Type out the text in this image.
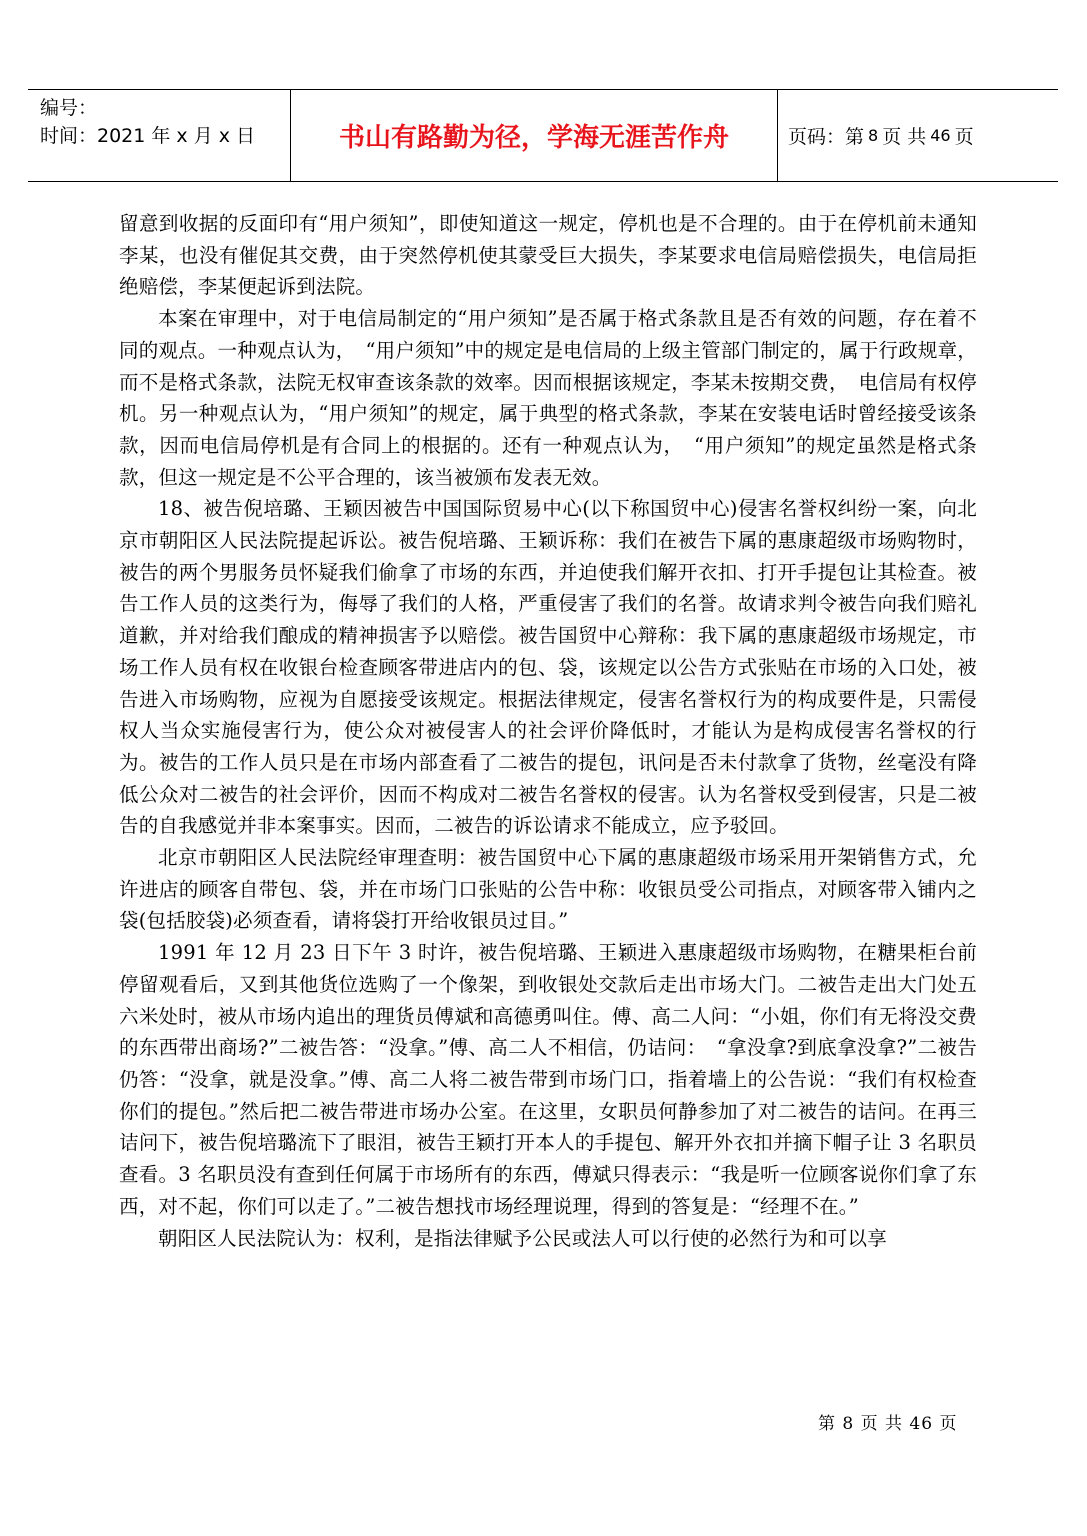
编号：
时间：2021 年 x 月 x 日	书山有路勤为径，学海无涯苦作舟	页码：第 8 页 共 46 页

留意到收据的反面印有“用户须知”，即使知道这一规定，停机也是不合理的。由于在停机前未通知李某，也没有催促其交费，由于突然停机使其蒙受巨大损失，李某要求电信局赔偿损失，电信局拒绝赔偿，李某便起诉到法院。

本案在审理中，对于电信局制定的“用户须知”是否属于格式条款且是否有效的问题，存在着不同的观点。一种观点认为，　“用户须知”中的规定是电信局的上级主管部门制定的，属于行政规章，而不是格式条款，法院无权审查该条款的效率。因而根据该规定，李某未按期交费，　电信局有权停机。另一种观点认为，“用户须知”的规定，属于典型的格式条款，李某在安装电话时曾经接受该条款，因而电信局停机是有合同上的根据的。还有一种观点认为，　“用户须知”的规定虽然是格式条款，但这一规定是不公平合理的，该当被颁布发表无效。

18、被告倪培璐、王颖因被告中国国际贸易中心(以下称国贸中心)侵害名誉权纠纷一案，向北京市朝阳区人民法院提起诉讼。被告倪培璐、王颖诉称：我们在被告下属的惠康超级市场购物时，被告的两个男服务员怀疑我们偷拿了市场的东西，并迫使我们解开衣扣、打开手提包让其检查。被告工作人员的这类行为，侮辱了我们的人格，严重侵害了我们的名誉。故请求判令被告向我们赔礼道歉，并对给我们酿成的精神损害予以赔偿。被告国贸中心辩称：我下属的惠康超级市场规定，市场工作人员有权在收银台检查顾客带进店内的包、袋，该规定以公告方式张贴在市场的入口处，被告进入市场购物，应视为自愿接受该规定。根据法律规定，侵害名誉权行为的构成要件是，只需侵权人当众实施侵害行为，使公众对被侵害人的社会评价降低时，才能认为是构成侵害名誉权的行为。被告的工作人员只是在市场内部查看了二被告的提包，讯问是否未付款拿了货物，丝毫没有降低公众对二被告的社会评价，因而不构成对二被告名誉权的侵害。认为名誉权受到侵害，只是二被告的自我感觉并非本案事实。因而，二被告的诉讼请求不能成立，应予驳回。

北京市朝阳区人民法院经审理查明：被告国贸中心下属的惠康超级市场采用开架销售方式，允许进店的顾客自带包、袋，并在市场门口张贴的公告中称：收银员受公司指点，对顾客带入铺内之袋(包括胶袋)必须查看，请将袋打开给收银员过目。”

1991 年 12 月 23 日下午 3 时许，被告倪培璐、王颖进入惠康超级市场购物，在糖果柜台前停留观看后，又到其他货位选购了一个像架，到收银处交款后走出市场大门。二被告走出大门处五六米处时，被从市场内追出的理货员傅斌和高德勇叫住。傅、高二人问：“小姐，你们有无将没交费的东西带出商场?”二被告答：“没拿。”傅、高二人不相信，仍诘问：　“拿没拿?到底拿没拿?”二被告仍答：“没拿，就是没拿。”傅、高二人将二被告带到市场门口，指着墙上的公告说：“我们有权检查你们的提包。”然后把二被告带进市场办公室。在这里，女职员何静参加了对二被告的诘问。在再三诘问下，被告倪培璐流下了眼泪，被告王颖打开本人的手提包、解开外衣扣并摘下帽子让 3 名职员查看。3 名职员没有查到任何属于市场所有的东西，傅斌只得表示：“我是听一位顾客说你们拿了东西，对不起，你们可以走了。”二被告想找市场经理说理，得到的答复是：“经理不在。”

朝阳区人民法院认为：权利，是指法律赋予公民或法人可以行使的必然行为和可以享

第 8 页 共 46 页
